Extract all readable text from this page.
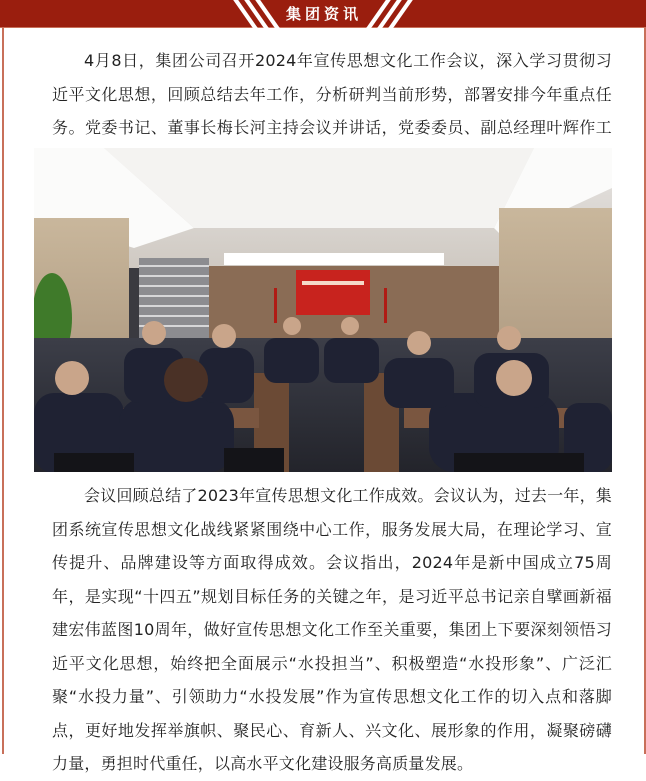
集团资讯

4月8日，集团公司召开2024年宣传思想文化工作会议，深入学习贯彻习近平文化思想，回顾总结去年工作，分析研判当前形势，部署安排今年重点任务。党委书记、董事长梅长河主持会议并讲话，党委委员、副总经理叶辉作工

会议回顾总结了2023年宣传思想文化工作成效。会议认为，过去一年，集团系统宣传思想文化战线紧紧围绕中心工作，服务发展大局，在理论学习、宣传提升、品牌建设等方面取得成效。会议指出，2024年是新中国成立75周年，是实现“十四五”规划目标任务的关键之年，是习近平总书记亲自擘画新福建宏伟蓝图10周年，做好宣传思想文化工作至关重要，集团上下要深刻领悟习近平文化思想，始终把全面展示“水投担当”、积极塑造“水投形象”、广泛汇聚“水投力量”、引领助力“水投发展”作为宣传思想文化工作的切入点和落脚点，更好地发挥举旗帜、聚民心、育新人、兴文化、展形象的作用，凝聚磅礴力量，勇担时代重任，以高水平文化建设服务高质量发展。
